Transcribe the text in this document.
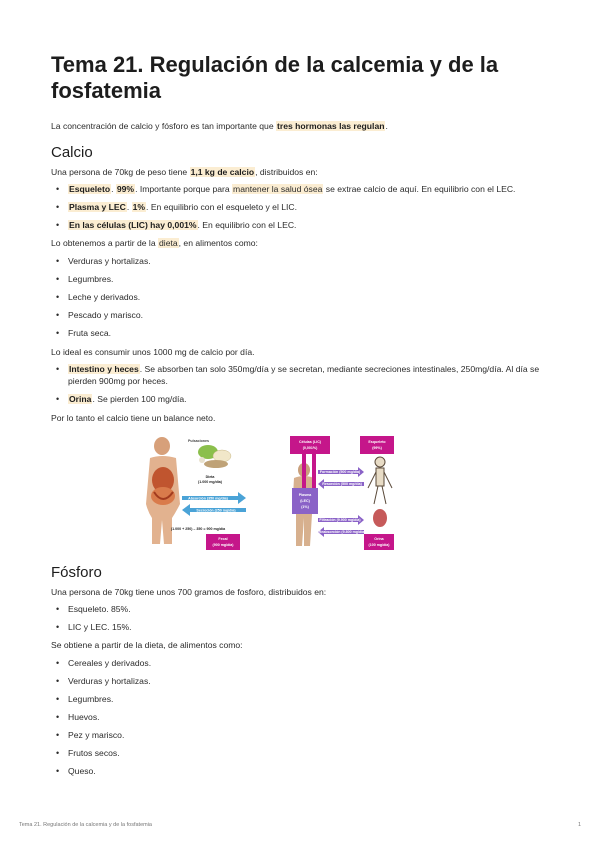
Tema 21. Regulación de la calcemia y de la fosfatemia

La concentración de calcio y fósforo es tan importante que tres hormonas las regulan.

Calcio

Una persona de 70kg de peso tiene 1,1 kg de calcio, distribuidos en:

• Esqueleto. 99%. Importante porque para mantener la salud ósea se extrae calcio de aquí. En equilibrio con el LEC.
• Plasma y LEC. 1%. En equilibrio con el esqueleto y el LIC.
• En las células (LIC) hay 0,001%. En equilibrio con el LEC.

Lo obtenemos a partir de la dieta, en alimentos como:

• Verduras y hortalizas.
• Legumbres.
• Leche y derivados.
• Pescado y marisco.
• Fruta seca.

Lo ideal es consumir unos 1000 mg de calcio por día.

• Intestino y heces. Se absorben tan solo 350mg/día y se secretan, mediante secreciones intestinales, 250mg/día. Al día se pierden 900mg por heces.
• Orina. Se pierden 100 mg/día.

Por lo tanto el calcio tiene un balance neto.

Fósforo

Una persona de 70kg tiene unos 700 gramos de fosforo, distribuidos en:

• Esqueleto. 85%.
• LIC y LEC. 15%.

Se obtiene a partir de la dieta, de alimentos como:

• Cereales y derivados.
• Verduras y hortalizas.
• Legumbres.
• Huevos.
• Pez y marisco.
• Frutos secos.
• Queso.
Pulsaciones
Dieta
(1.000 mg/día)
Absorción (350 mg/día)
Secreción (250 mg/día)
(1.000 + 250) – 350 = 900 mg/día
Fecal
(900 mg/día)
Células (LIC)
(0,001%)
Plasma
(LEC)
(1%)
Formación (500 mg/día)
Resorción (500 mg/día)
Esqueleto
(99%)
Filtración (9.900 mg/día)
Reabsorción (9.800 mg/día)
Orina
(100 mg/día)
Tema 21. Regulación de la calcemia y de la fosfatemia	1
